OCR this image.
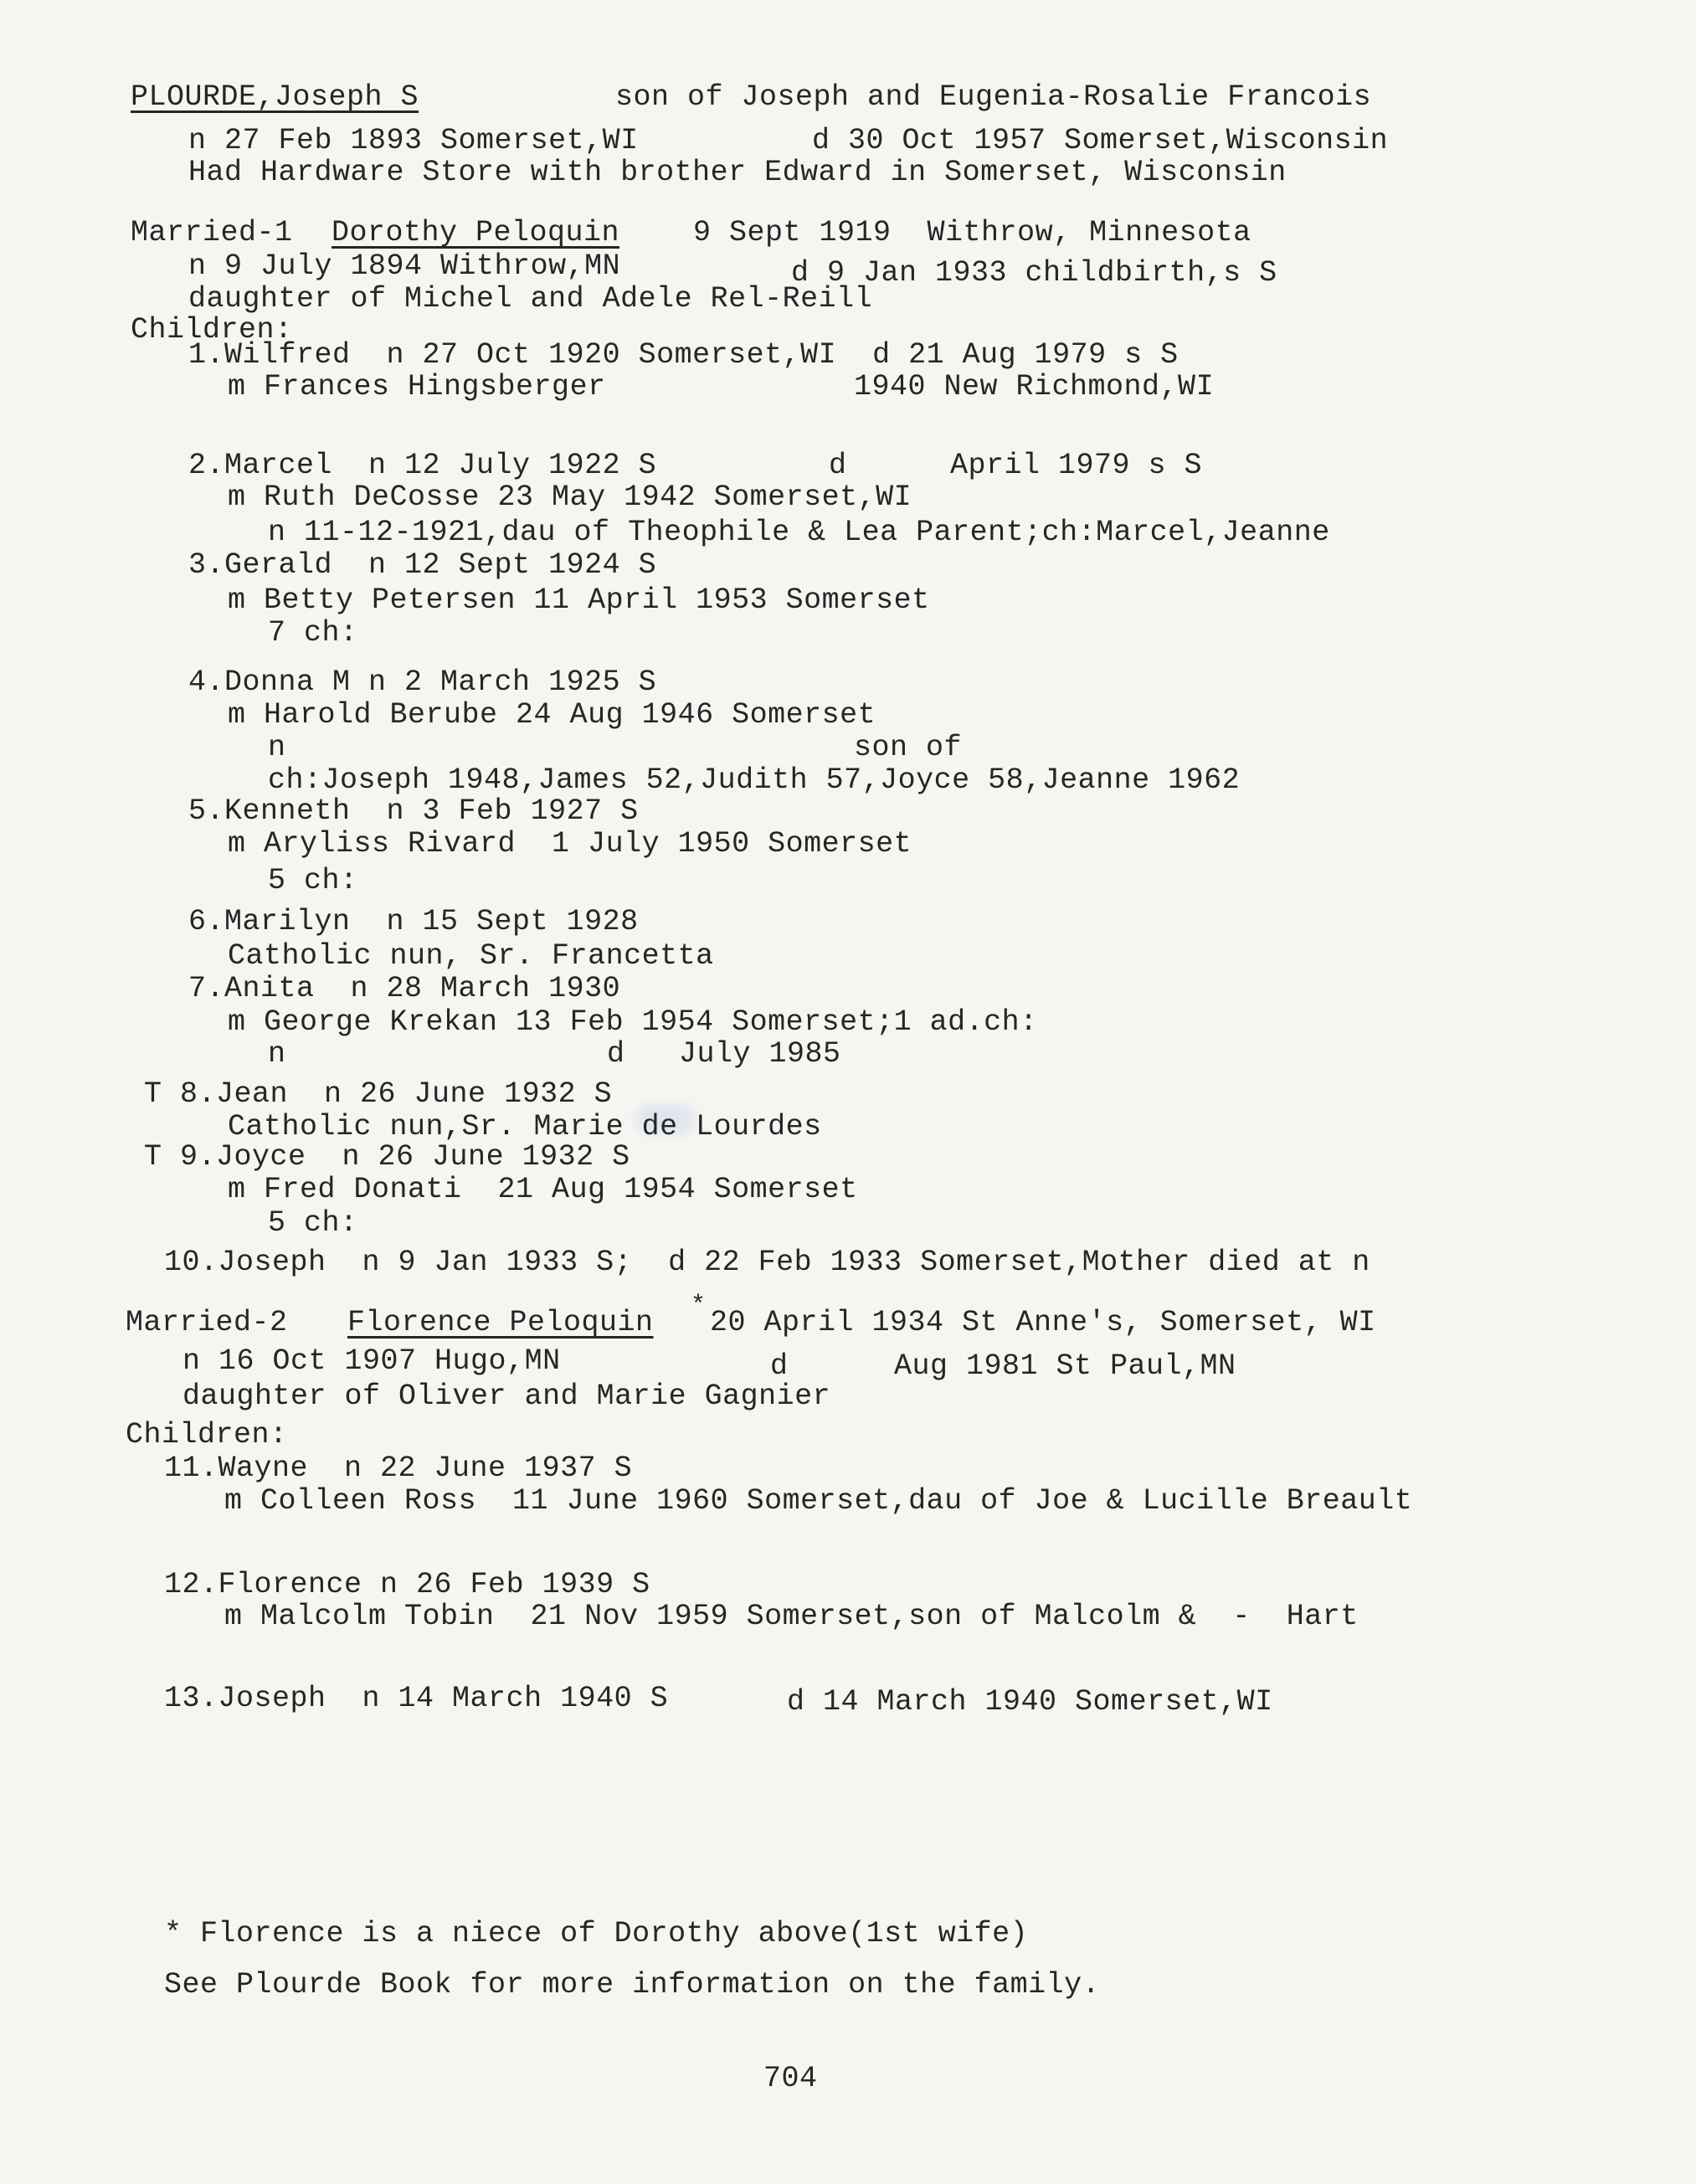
PLOURDE,Joseph S	son of Joseph and Eugenia-Rosalie Francois
n 27 Feb 1893 Somerset,WI	d 30 Oct 1957 Somerset,Wisconsin
Had Hardware Store with brother Edward in Somerset, Wisconsin
Married-1 Dorothy Peloquin	9 Sept 1919  Withrow, Minnesota
n 9 July 1894 Withrow,MN	d 9 Jan 1933 childbirth,s S
daughter of Michel and Adele Rel-Reill
Children:
1.Wilfred  n 27 Oct 1920 Somerset,WI  d 21 Aug 1979 s S
m Frances Hingsberger	1940 New Richmond,WI
2.Marcel  n 12 July 1922 S	d	April 1979 s S
m Ruth DeCosse 23 May 1942 Somerset,WI
n 11-12-1921,dau of Theophile & Lea Parent;ch:Marcel,Jeanne
3.Gerald  n 12 Sept 1924 S
m Betty Petersen 11 April 1953 Somerset
7 ch:
4.Donna M n 2 March 1925 S
m Harold Berube 24 Aug 1946 Somerset
n	son of
ch:Joseph 1948,James 52,Judith 57,Joyce 58,Jeanne 1962
5.Kenneth  n 3 Feb 1927 S
m Aryliss Rivard  1 July 1950 Somerset
5 ch:
6.Marilyn  n 15 Sept 1928
Catholic nun, Sr. Francetta
7.Anita  n 28 March 1930
m George Krekan 13 Feb 1954 Somerset;1 ad.ch:
n	d   July 1985
T 8.Jean  n 26 June 1932 S
Catholic nun,Sr. Marie de Lourdes
T 9.Joyce  n 26 June 1932 S
m Fred Donati  21 Aug 1954 Somerset
5 ch:
10.Joseph  n 9 Jan 1933 S;  d 22 Feb 1933 Somerset,Mother died at n
Married-2 Florence Peloquin * 20 April 1934 St Anne's, Somerset, WI
n 16 Oct 1907 Hugo,MN	d	Aug 1981 St Paul,MN
daughter of Oliver and Marie Gagnier
Children:
11.Wayne  n 22 June 1937 S
m Colleen Ross  11 June 1960 Somerset,dau of Joe & Lucille Breault
12.Florence n 26 Feb 1939 S
m Malcolm Tobin  21 Nov 1959 Somerset,son of Malcolm &  -  Hart
13.Joseph  n 14 March 1940 S	d 14 March 1940 Somerset,WI
* Florence is a niece of Dorothy above(1st wife)
See Plourde Book for more information on the family.
704
